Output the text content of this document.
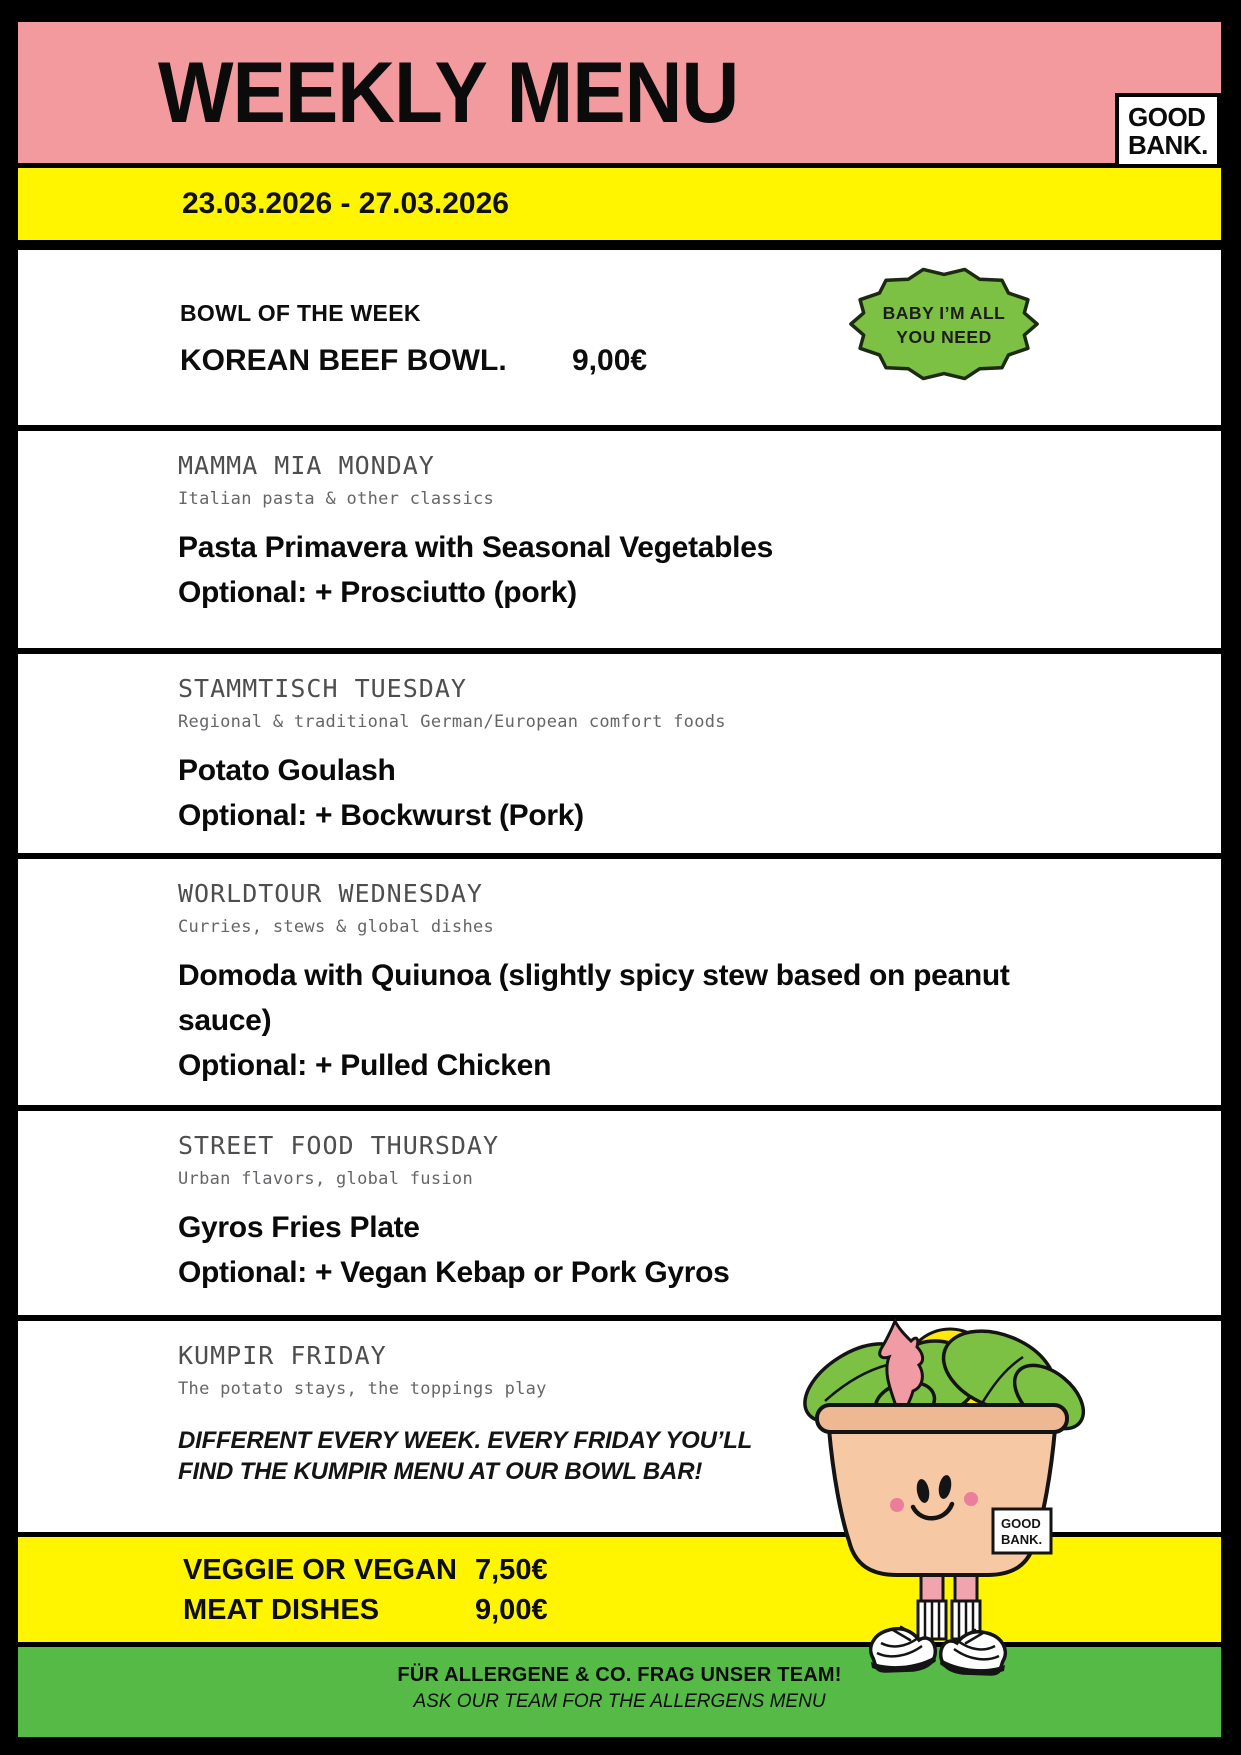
WEEKLY MENU	GOOD
BANK.
23.03.2026 - 27.03.2026
BOWL OF THE WEEK
KOREAN BEEF BOWL.	9,00€
MAMMA MIA MONDAY
Italian pasta & other classics
Pasta Primavera with Seasonal Vegetables
Optional: + Prosciutto (pork)
STAMMTISCH TUESDAY
Regional & traditional German/European comfort foods
Potato Goulash
Optional: + Bockwurst (Pork)
WORLDTOUR WEDNESDAY
Curries, stews & global dishes
Domoda with Quiunoa (slightly spicy stew based on peanut sauce)
Optional: + Pulled Chicken
STREET FOOD THURSDAY
Urban flavors, global fusion
Gyros Fries Plate
Optional: + Vegan Kebap or Pork Gyros
KUMPIR FRIDAY
The potato stays, the toppings play
DIFFERENT EVERY WEEK. EVERY FRIDAY YOU’LL
FIND THE KUMPIR MENU AT OUR BOWL BAR!
VEGGIE OR VEGAN 7,50€
MEAT DISHES	9,00€
FÜR ALLERGENE & CO. FRAG UNSER TEAM!
ASK OUR TEAM FOR THE ALLERGENS MENU
BABY I’M ALL
YOU NEED
GOOD
BANK.
